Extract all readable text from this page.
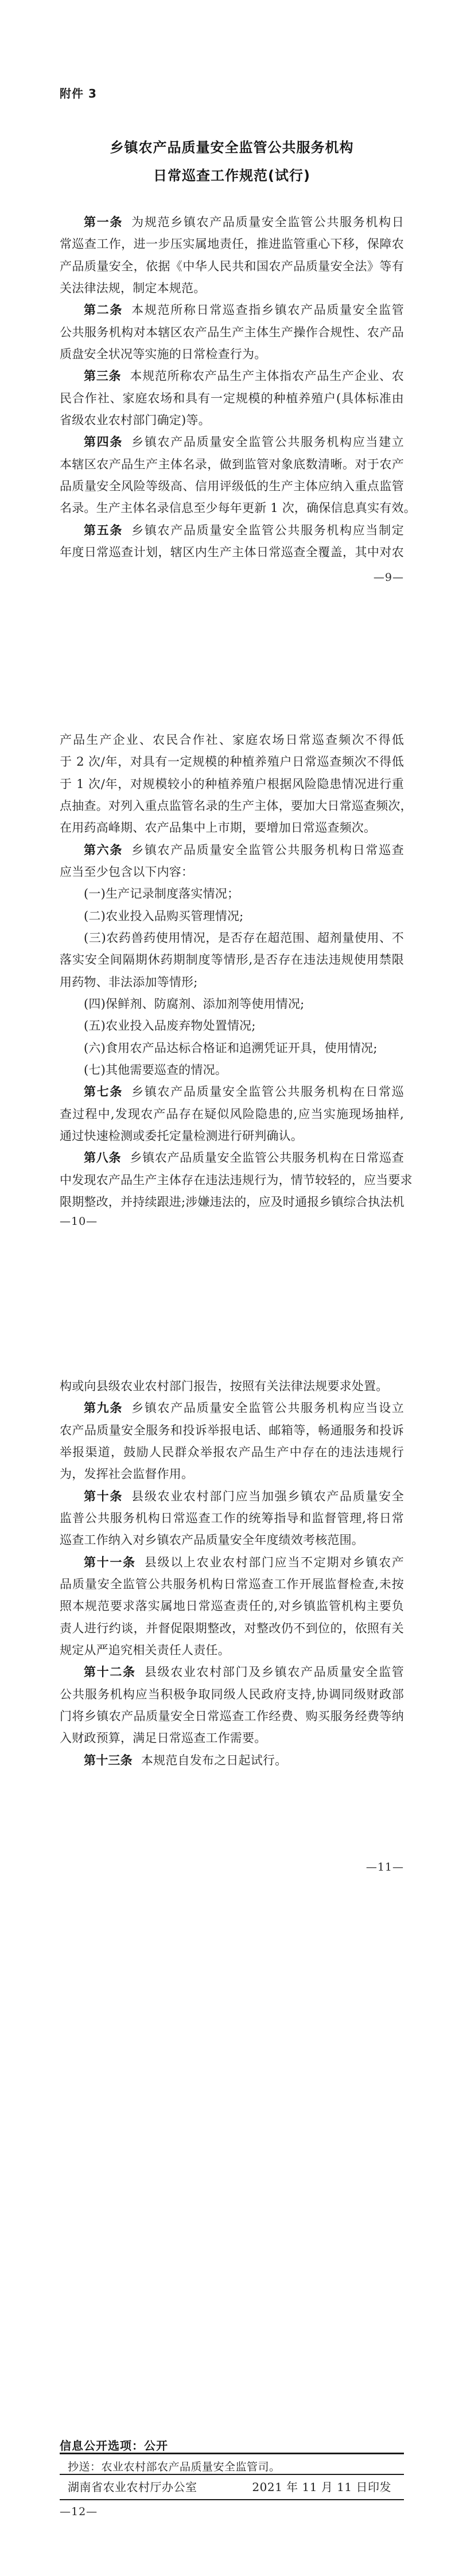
附件 3
乡镇农产品质量安全监管公共服务机构
日常巡查工作规范(试行)
第一条 为规范乡镇农产品质量安全监管公共服务机构日
常巡查工作，进一步压实属地责任，推进监管重心下移，保障农
产品质量安全，依据《中华人民共和国农产品质量安全法》等有
关法律法规，制定本规范。
第二条 本规范所称日常巡查指乡镇农产品质量安全监管
公共服务机构对本辖区农产品生产主体生产操作合规性、农产品
质盘安全状况等实施的日常检查行为。
第三条 本规范所称农产品生产主体指农产品生产企业、农
民合作社、家庭农场和具有一定规模的种植养殖户(具体标准由
省级农业农村部门确定)等。
第四条 乡镇农产品质量安全监管公共服务机构应当建立
本辖区农产品生产主体名录，做到监管对象底数清晰。对于农产
品质量安全风险等级高、信用评级低的生产主体应纳入重点监管
名录。生产主体名录信息至少每年更新 1 次，确保信息真实有效。
第五条 乡镇农产品质量安全监管公共服务机构应当制定
年度日常巡查计划，辖区内生产主体日常巡查全覆盖，其中对农
—9—
产品生产企业、农民合作社、家庭农场日常巡查频次不得低
于 2 次/年，对具有一定规模的种植养殖户日常巡查频次不得低
于 1 次/年，对规模较小的种植养殖户根据风险隐患情况进行重
点抽查。对列入重点监管名录的生产主体，要加大日常巡查频次，
在用药高峰期、农产品集中上市期，要增加日常巡查频次。
第六条 乡镇农产品质量安全监管公共服务机构日常巡查
应当至少包含以下内容：
(一)生产记录制度落实情况；
(二)农业投入品购买管理情况;
(三)农药兽药使用情况，是否存在超范围、超剂量使用、不
落实安全间隔期休药期制度等情形,是否存在违法违规使用禁限
用药物、非法添加等情形;
(四)保鲜剂、防腐剂、添加剂等使用情况;
(五)农业投入品废弃物处置情况;
(六)食用农产品达标合格证和追溯凭证开具，使用情况;
(七)其他需要巡查的情况。
第七条 乡镇农产品质量安全监管公共服务机构在日常巡
查过程中,发现农产品存在疑似风险隐患的,应当实施现场抽样,
通过快速检测或委托定量检测进行研判确认。
第八条 乡镇农产品质量安全监管公共服务机构在日常巡查
中发现农产品生产主体存在违法违规行为，情节较轻的，应当要求
限期整改，并持续跟进;涉嫌违法的，应及时通报乡镇综合执法机
—10—
构或向县级农业农村部门报告，按照有关法律法规要求处置。
第九条 乡镇农产品质量安全监管公共服务机构应当设立
农产品质量安全服务和投诉举报电话、邮箱等，畅通服务和投诉
举报渠道，鼓励人民群众举报农产品生产中存在的违法违规行
为，发挥社会监督作用。
第十条 县级农业农村部门应当加强乡镇农产品质量安全
监普公共服务机构日常巡查工作的统筹指导和监督管理,将日常
巡查工作纳入对乡镇农产品质量安全年度绩效考核范围。
第十一条 县级以上农业农村部门应当不定期对乡镇农产
品质量安全监管公共服务机构日常巡查工作开展监督检查,未按
照本规范要求落实属地日常巡查责任的,对乡镇监管机构主要负
责人进行约谈，并督促限期整改，对整改仍不到位的，依照有关
规定从严追究相关责任人责任。
第十二条 县级农业农村部门及乡镇农产品质量安全监管
公共服务机构应当积极争取同级人民政府支持,协调同级财政部
门将乡镇农产品质量安全日常巡查工作经费、购买服务经费等纳
入财政预算，满足日常巡查工作需要。
第十三条 本规范自发布之日起试行。
—11—
—12—
信息公开选项：公开
抄送：农业农村部农产品质量安全监管司。
湖南省农业农村厅办公室	2021 年 11 月 11 日印发
